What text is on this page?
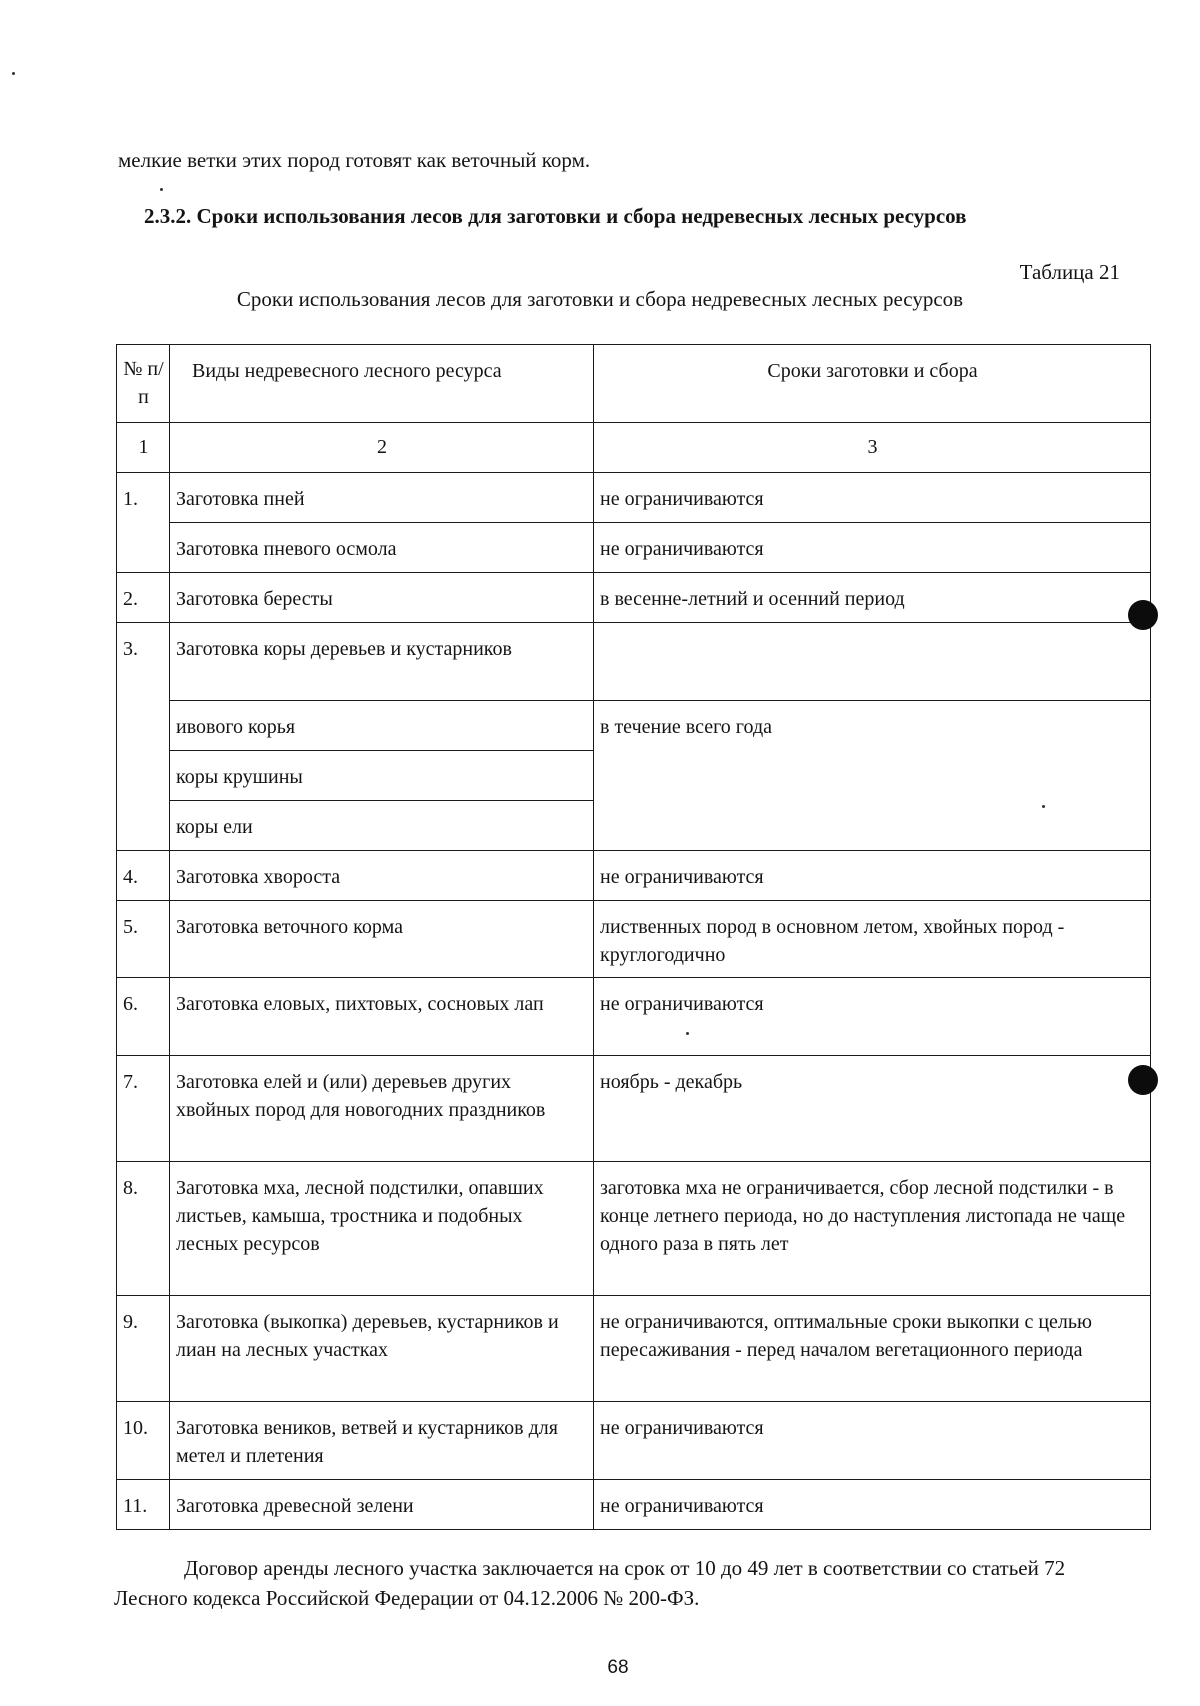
мелкие ветки этих пород готовят как веточный корм.
2.3.2. Сроки использования лесов для заготовки и сбора недревесных лесных ресурсов
Таблица 21
Сроки использования лесов для заготовки и сбора недревесных лесных ресурсов
№ п/п	Виды недревесного лесного ресурса	Сроки заготовки и сбора
1	2	3
1.	Заготовка пней	не ограничиваются
	Заготовка пневого осмола	не ограничиваются
2.	Заготовка бересты	в весенне-летний и осенний период
3.	Заготовка коры деревьев и кустарников	
	ивового корья	в течение всего года
	коры крушины	
	коры ели	
4.	Заготовка хвороста	не ограничиваются
5.	Заготовка веточного корма	лиственных пород в основном летом, хвойных пород - круглогодично
6.	Заготовка еловых, пихтовых, сосновых лап	не ограничиваются
7.	Заготовка елей и (или) деревьев других хвойных пород для новогодних праздников	ноябрь - декабрь
8.	Заготовка мха, лесной подстилки, опавших листьев, камыша, тростника и подобных лесных ресурсов	заготовка мха не ограничивается, сбор лесной подстилки - в конце летнего периода, но до наступления листопада не чаще одного раза в пять лет
9.	Заготовка (выкопка) деревьев, кустарников и лиан на лесных участках	не ограничиваются, оптимальные сроки выкопки с целью пересаживания - перед началом вегетационного периода
10.	Заготовка веников, ветвей и кустарников для метел и плетения	не ограничиваются
11.	Заготовка древесной зелени	не ограничиваются
Договор аренды лесного участка заключается на срок от 10 до 49 лет в соответствии со статьей 72 Лесного кодекса Российской Федерации от 04.12.2006 № 200-ФЗ.
68
